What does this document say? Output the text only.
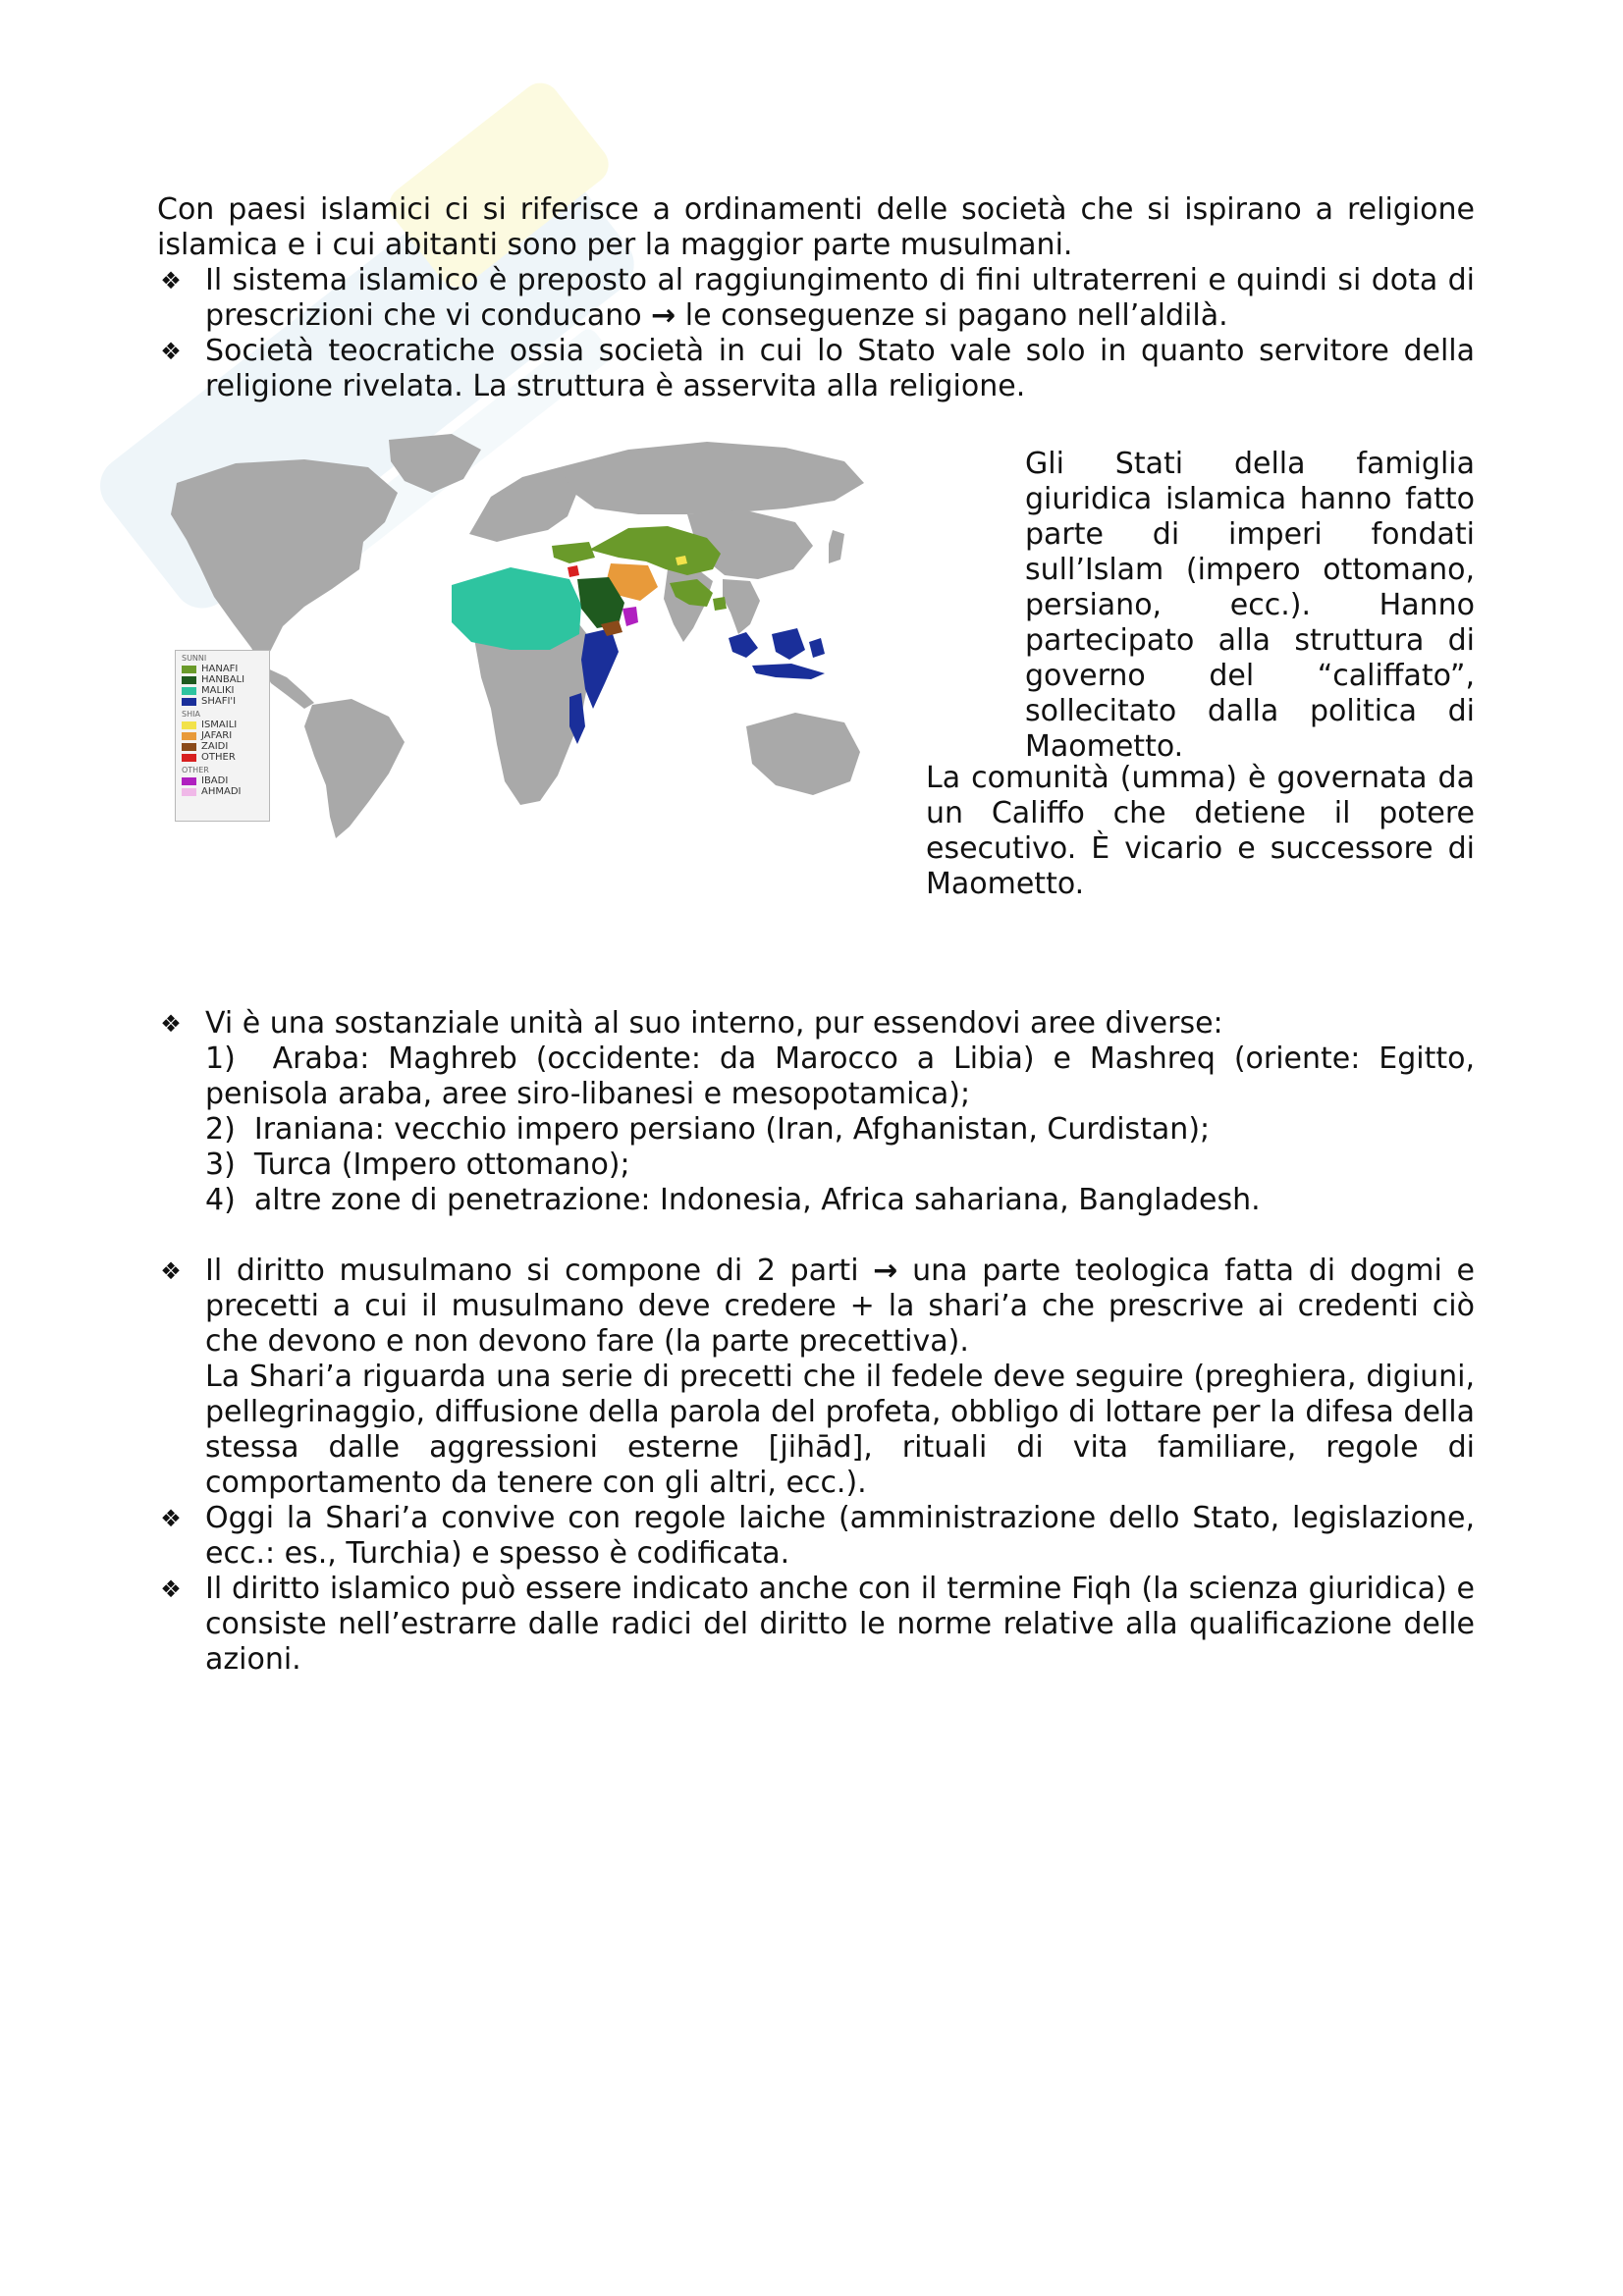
Con paesi islamici ci si riferisce a ordinamenti delle società che si ispirano a religione islamica e i cui abitanti sono per la maggior parte musulmani.
❖ Il sistema islamico è preposto al raggiungimento di fini ultraterreni e quindi si dota di prescrizioni che vi conducano → le conseguenze si pagano nell’aldilà.
❖ Società teocratiche ossia società in cui lo Stato vale solo in quanto servitore della religione rivelata. La struttura è asservita alla religione.
SUNNI
HANAFI
HANBALI
MALIKI
SHAFI'I
SHIA
ISMAILI
JAFARI
ZAIDI
OTHER
OTHER
IBADI
AHMADI
Gli Stati della famiglia giuridica islamica hanno fatto parte di imperi fondati sull’Islam (impero ottomano, persiano, ecc.). Hanno partecipato alla struttura di governo del “califfato”, sollecitato dalla politica di Maometto.
La comunità (umma) è governata da un Califfo che detiene il potere esecutivo. È vicario e successore di Maometto.
❖ Vi è una sostanziale unità al suo interno, pur essendovi aree diverse:
1) Araba: Maghreb (occidente: da Marocco a Libia) e Mashreq (oriente: Egitto, penisola araba, aree siro-libanesi e mesopotamica);
2) Iraniana: vecchio impero persiano (Iran, Afghanistan, Curdistan);
3) Turca (Impero ottomano);
4) altre zone di penetrazione: Indonesia, Africa sahariana, Bangladesh.
❖ Il diritto musulmano si compone di 2 parti → una parte teologica fatta di dogmi e precetti a cui il musulmano deve credere + la shari’a che prescrive ai credenti ciò che devono e non devono fare (la parte precettiva).
La Shari’a riguarda una serie di precetti che il fedele deve seguire (preghiera, digiuni, pellegrinaggio, diffusione della parola del profeta, obbligo di lottare per la difesa della stessa dalle aggressioni esterne [jihād], rituali di vita familiare, regole di comportamento da tenere con gli altri, ecc.).
❖ Oggi la Shari’a convive con regole laiche (amministrazione dello Stato, legislazione, ecc.: es., Turchia) e spesso è codificata.
❖ Il diritto islamico può essere indicato anche con il termine Fiqh (la scienza giuridica) e consiste nell’estrarre dalle radici del diritto le norme relative alla qualificazione delle azioni.
